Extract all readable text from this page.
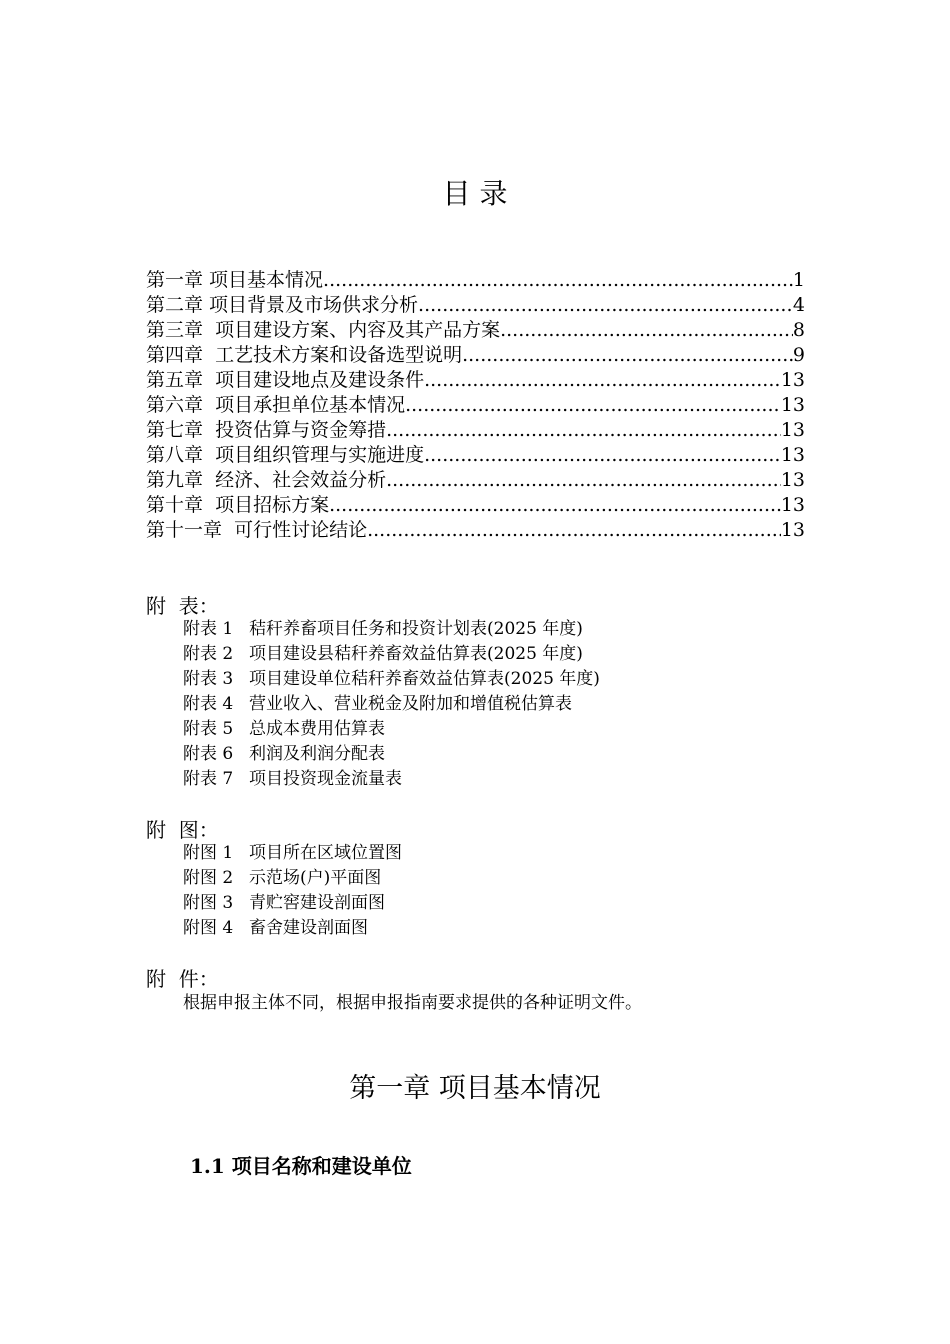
目 录
第一章 项目基本情况 .....	1
第二章 项目背景及市场供求分析 .....	4
第三章  项目建设方案、内容及其产品方案 .....	8
第四章  工艺技术方案和设备选型说明 .....	9
第五章  项目建设地点及建设条件 .....	13
第六章  项目承担单位基本情况 .....	13
第七章  投资估算与资金筹措 .....	13
第八章  项目组织管理与实施进度 .....	13
第九章  经济、社会效益分析 .....	13
第十章  项目招标方案 .....	13
第十一章  可行性讨论结论 .....	13
附  表：
附表 1 秸秆养畜项目任务和投资计划表(2025 年度)
附表 2 项目建设县秸秆养畜效益估算表(2025 年度)
附表 3 项目建设单位秸秆养畜效益估算表(2025 年度)
附表 4 营业收入、营业税金及附加和增值税估算表
附表 5 总成本费用估算表
附表 6 利润及利润分配表
附表 7 项目投资现金流量表
附  图：
附图 1 项目所在区域位置图
附图 2 示范场(户)平面图
附图 3 青贮窖建设剖面图
附图 4 畜舍建设剖面图
附  件：
根据申报主体不同，根据申报指南要求提供的各种证明文件。
第一章 项目基本情况
1.1 项目名称和建设单位
